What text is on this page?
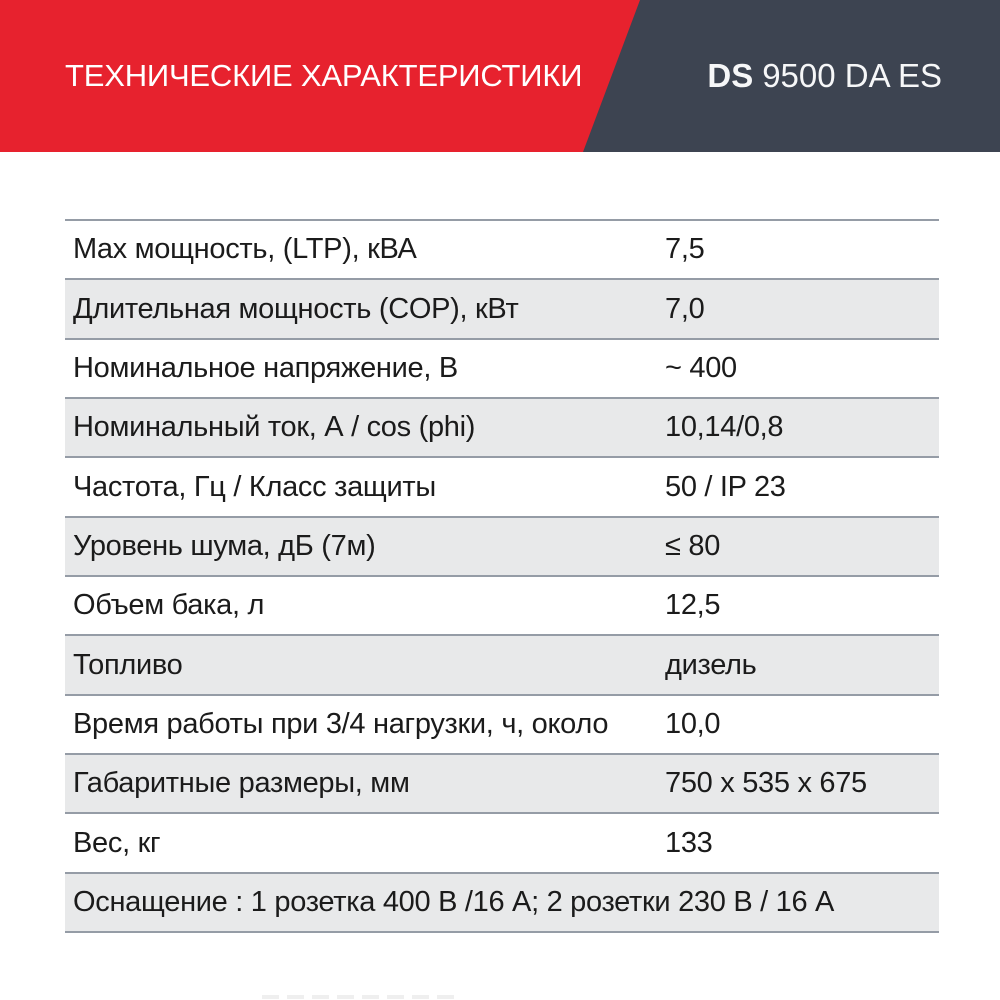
ТЕХНИЧЕСКИЕ ХАРАКТЕРИСТИКИ	DS 9500 DA ES
Max мощность, (LTP), кВА	7,5
Длительная мощность (COP), кВт	7,0
Номинальное напряжение, В	~ 400
Номинальный ток, А / cos (phi)	10,14/0,8
Частота, Гц / Класс защиты	50 / IP 23
Уровень шума, дБ (7м)	≤ 80
Объем бака, л	12,5
Топливо	дизель
Время работы при 3/4 нагрузки, ч, около	10,0
Габаритные размеры, мм	750 x 535 x 675
Вес, кг	133
Оснащение : 1 розетка 400 В /16 А; 2 розетки 230 В / 16 А
